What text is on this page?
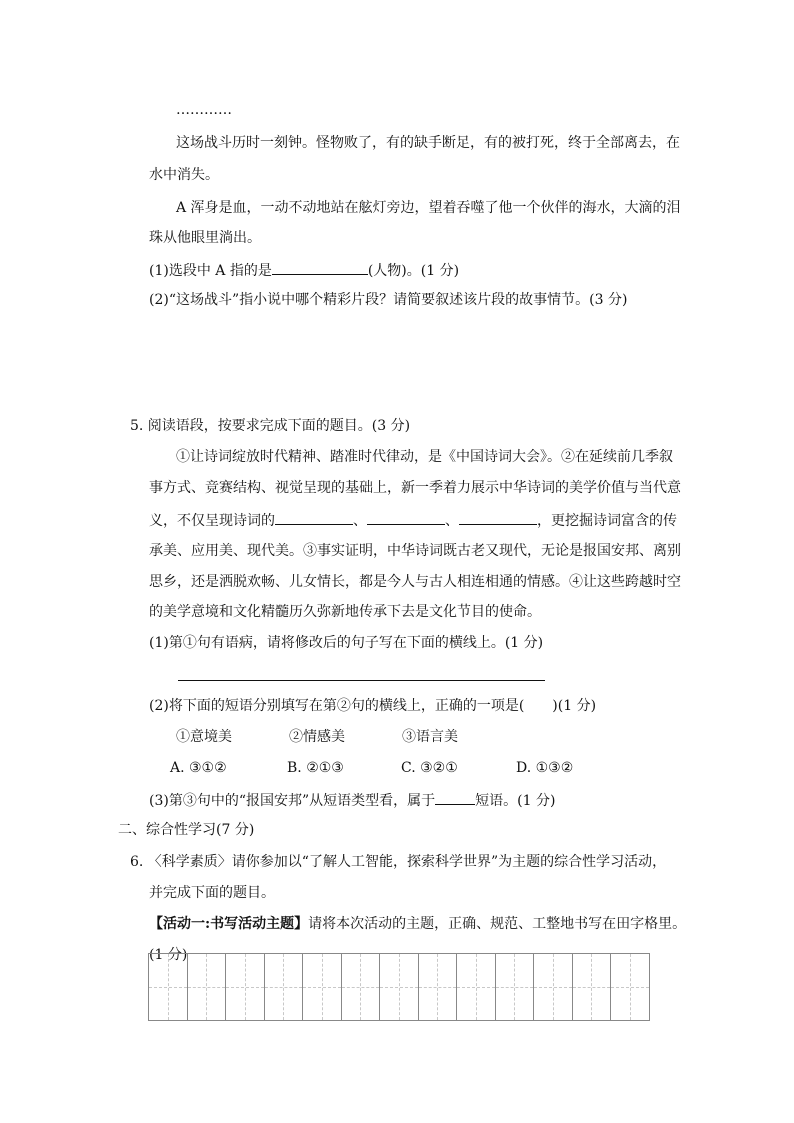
…………
这场战斗历时一刻钟。怪物败了，有的缺手断足，有的被打死，终于全部离去，在
水中消失。
A 浑身是血，一动不动地站在舷灯旁边，望着吞噬了他一个伙伴的海水，大滴的泪
珠从他眼里淌出。
(1)选段中 A 指的是	(人物)。(1 分)
(2)“这场战斗”指小说中哪个精彩片段？请简要叙述该片段的故事情节。(3 分)
5. 阅读语段，按要求完成下面的题目。(3 分)
①让诗词绽放时代精神、踏准时代律动，是《中国诗词大会》。②在延续前几季叙
事方式、竞赛结构、视觉呈现的基础上，新一季着力展示中华诗词的美学价值与当代意
义，不仅呈现诗词的	、	、	，更挖掘诗词富含的传
承美、应用美、现代美。③事实证明，中华诗词既古老又现代，无论是报国安邦、离别
思乡，还是洒脱欢畅、儿女情长，都是今人与古人相连相通的情感。④让这些跨越时空
的美学意境和文化精髓历久弥新地传承下去是文化节目的使命。
(1)第①句有语病，请将修改后的句子写在下面的横线上。(1 分)
(2)将下面的短语分别填写在第②句的横线上，正确的一项是(　　)(1 分)
①意境美	②情感美	③语言美
A. ③①②	B. ②①③	C. ③②①	D. ①③②
(3)第③句中的“报国安邦”从短语类型看，属于	短语。(1 分)
二、综合性学习(7 分)
6. 〈科学素质〉请你参加以“了解人工智能，探索科学世界”为主题的综合性学习活动，
并完成下面的题目。
【活动一:书写活动主题】请将本次活动的主题，正确、规范、工整地书写在田字格里。
(1 分)
